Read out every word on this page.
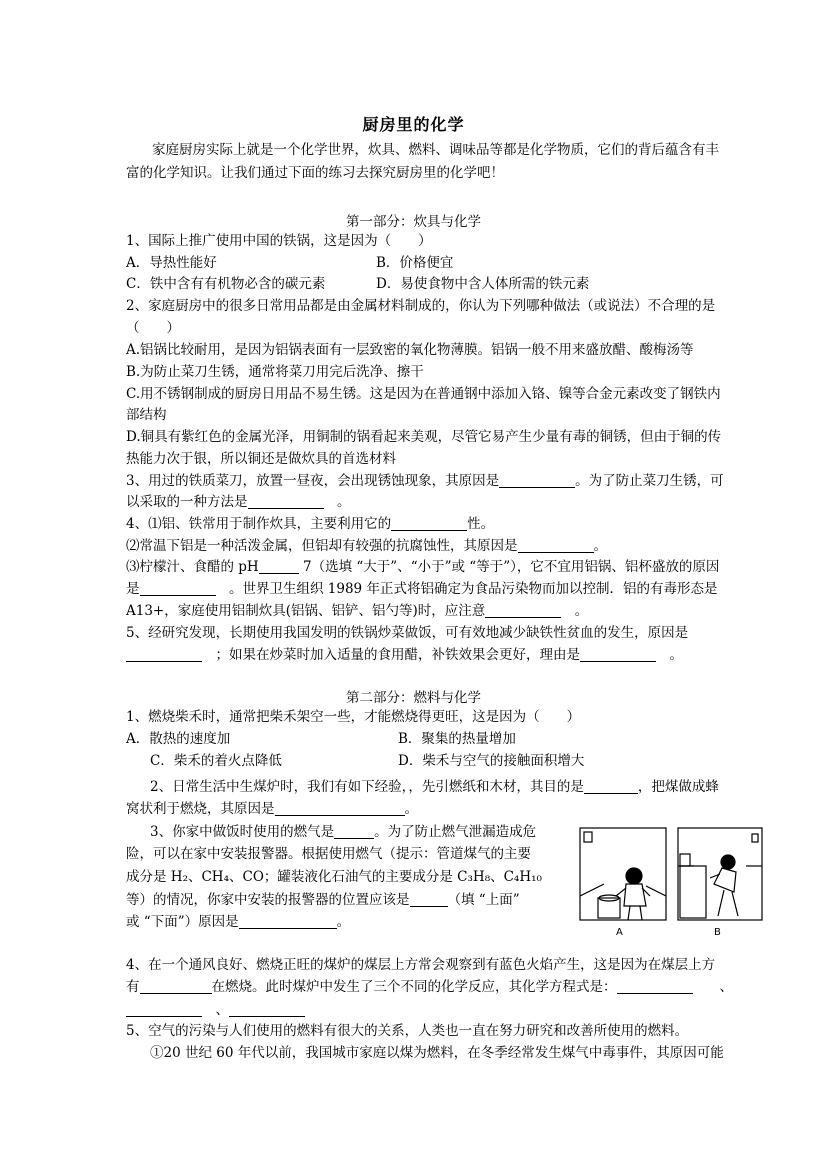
厨房里的化学
家庭厨房实际上就是一个化学世界，炊具、燃料、调味品等都是化学物质，它们的背后蕴含有丰
富的化学知识。让我们通过下面的练习去探究厨房里的化学吧！
第一部分：炊具与化学
1、国际上推广使用中国的铁锅，这是因为（　　）
A．导热性能好	B．价格便宜
C．铁中含有有机物必含的碳元素	D．易使食物中含人体所需的铁元素
2、家庭厨房中的很多日常用品都是由金属材料制成的，你认为下列哪种做法（或说法）不合理的是
（　　）
A.铝锅比较耐用，是因为铝锅表面有一层致密的氧化物薄膜。铝锅一般不用来盛放醋、酸梅汤等
B.为防止菜刀生锈，通常将菜刀用完后洗净、擦干
C.用不锈钢制成的厨房日用品不易生锈。这是因为在普通钢中添加入铬、镍等合金元素改变了钢铁内
部结构
D.铜具有紫红色的金属光泽，用铜制的锅看起来美观，尽管它易产生少量有毒的铜锈，但由于铜的传
热能力次于银，所以铜还是做炊具的首选材料
3、用过的铁质菜刀，放置一昼夜，会出现锈蚀现象，其原因是	。为了防止菜刀生锈，可
以采取的一种方法是　	。
4、⑴铝、铁常用于制作炊具，主要利用它的	性。
⑵常温下铝是一种活泼金属，但铝却有较强的抗腐蚀性，其原因是	。
⑶柠檬汁、食醋的 pH	7（选填 “大于”、“小于”或 “等于”），它不宜用铝锅、铝杯盛放的原因
是　	。世界卫生组织 1989 年正式将铝确定为食品污染物而加以控制．铝的有毒形态是
A13+，家庭使用铝制炊具(铝锅、铝铲、铝勺等)时，应注意　	。
5、经研究发现，长期使用我国发明的铁锅炒菜做饭，可有效地减少缺铁性贫血的发生，原因是
　；如果在炒菜时加入适量的食用醋，补铁效果会更好，理由是　	。
第二部分：燃料与化学
1、燃烧柴禾时，通常把柴禾架空一些，才能燃烧得更旺，这是因为（　　）
A．散热的速度加	B．聚集的热量增加
C．柴禾的着火点降低	D．柴禾与空气的接触面积增大
2、日常生活中生煤炉时，我们有如下经验，，先引燃纸和木材，其目的是	，把煤做成蜂
窝状利于燃烧，其原因是	。
3、你家中做饭时使用的燃气是	。为了防止燃气泄漏造成危
险，可以在家中安装报警器。根据使用燃气（提示：管道煤气的主要
成分是 H₂、CH₄、CO；罐装液化石油气的主要成分是 C₃H₈、C₄H₁₀
等）的情况，你家中安装的报警器的位置应该是	（填 “上面”
或 “下面”）原因是	。
A	B
4、在一个通风良好、燃烧正旺的煤炉的煤层上方常会观察到有蓝色火焰产生，这是因为在煤层上方
有	在燃烧。此时煤炉中发生了三个不同的化学反应，其化学方程式是：　　	、
　、
5、空气的污染与人们使用的燃料有很大的关系，人类也一直在努力研究和改善所使用的燃料。
①20 世纪 60 年代以前，我国城市家庭以煤为燃料，在冬季经常发生煤气中毒事件，其原因可能
